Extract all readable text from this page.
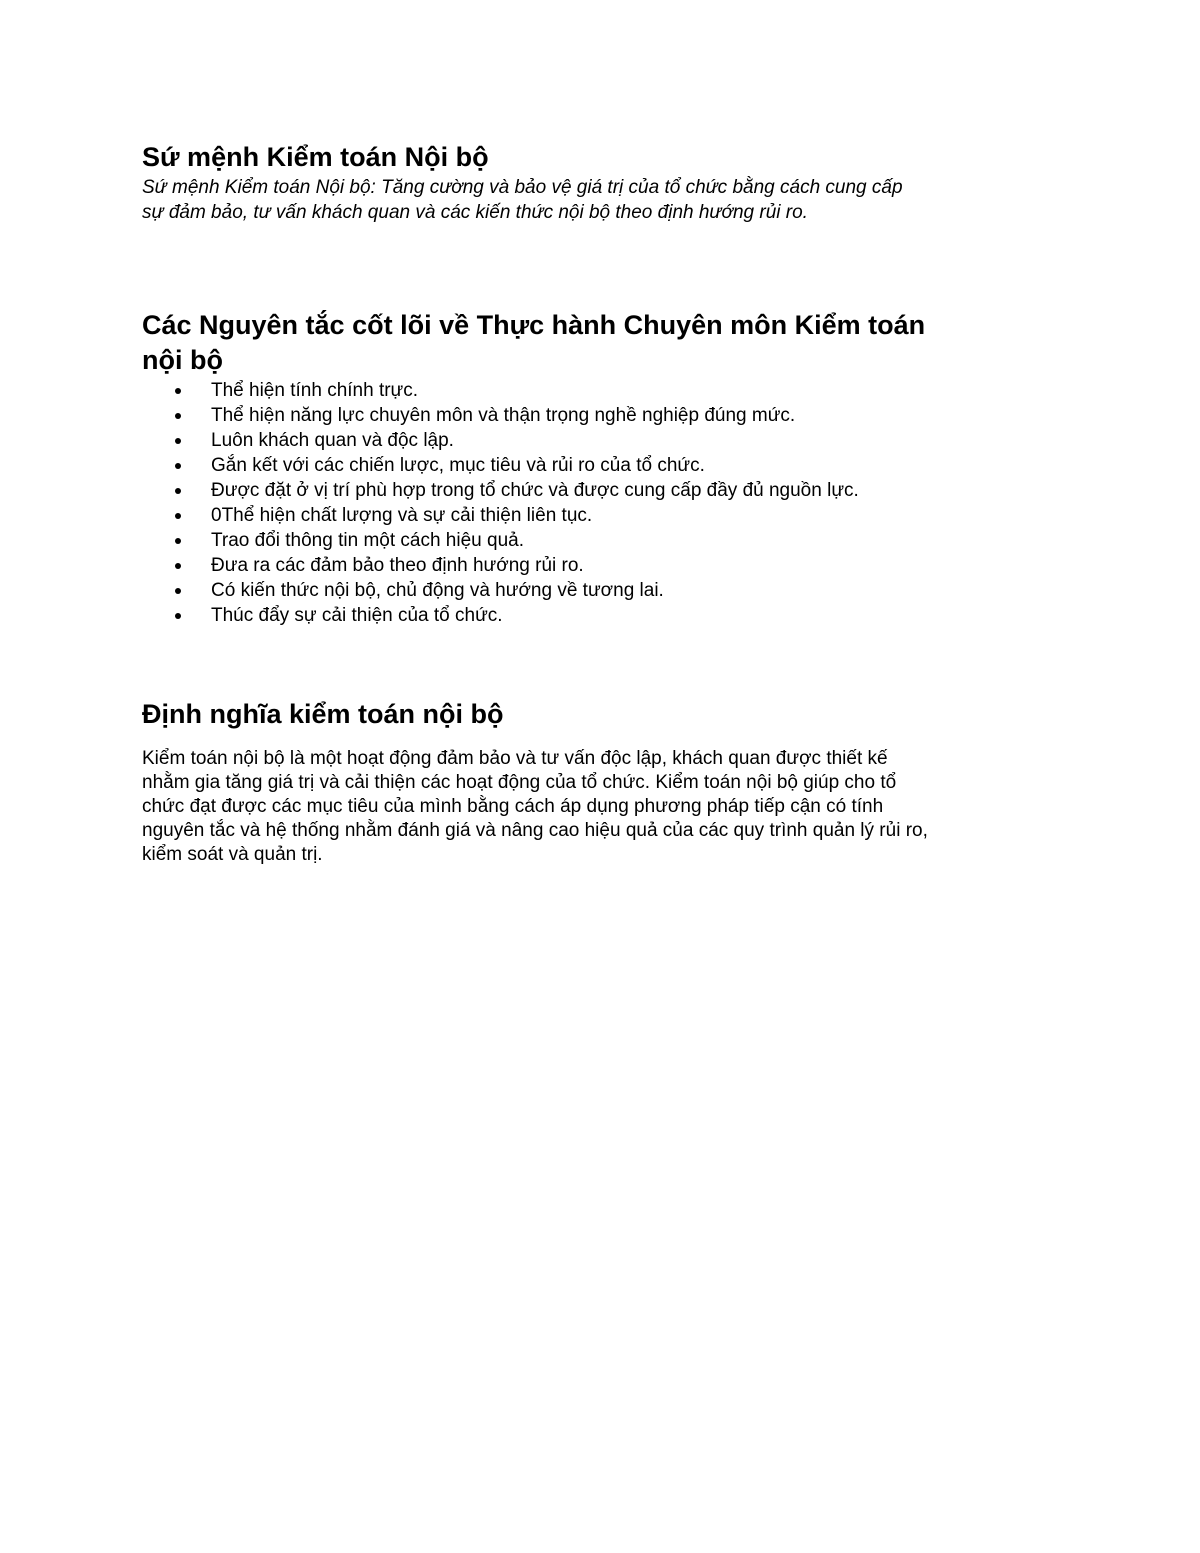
Sứ mệnh Kiểm toán Nội bộ

Sứ mệnh Kiểm toán Nội bộ: Tăng cường và bảo vệ giá trị của tổ chức bằng cách cung cấp sự đảm bảo, tư vấn khách quan và các kiến thức nội bộ theo định hướng rủi ro.

Các Nguyên tắc cốt lõi về Thực hành Chuyên môn Kiểm toán nội bộ
Thể hiện tính chính trực.
Thể hiện năng lực chuyên môn và thận trọng nghề nghiệp đúng mức.
Luôn khách quan và độc lập.
Gắn kết với các chiến lược, mục tiêu và rủi ro của tổ chức.
Được đặt ở vị trí phù hợp trong tổ chức và được cung cấp đầy đủ nguồn lực.
0Thể hiện chất lượng và sự cải thiện liên tục.
Trao đổi thông tin một cách hiệu quả.
Đưa ra các đảm bảo theo định hướng rủi ro.
Có kiến thức nội bộ, chủ động và hướng về tương lai.
Thúc đẩy sự cải thiện của tổ chức.
Định nghĩa kiểm toán nội bộ

Kiểm toán nội bộ là một hoạt động đảm bảo và tư vấn độc lập, khách quan được thiết kế nhằm gia tăng giá trị và cải thiện các hoạt động của tổ chức. Kiểm toán nội bộ giúp cho tổ chức đạt được các mục tiêu của mình bằng cách áp dụng phương pháp tiếp cận có tính nguyên tắc và hệ thống nhằm đánh giá và nâng cao hiệu quả của các quy trình quản lý rủi ro, kiểm soát và quản trị.
